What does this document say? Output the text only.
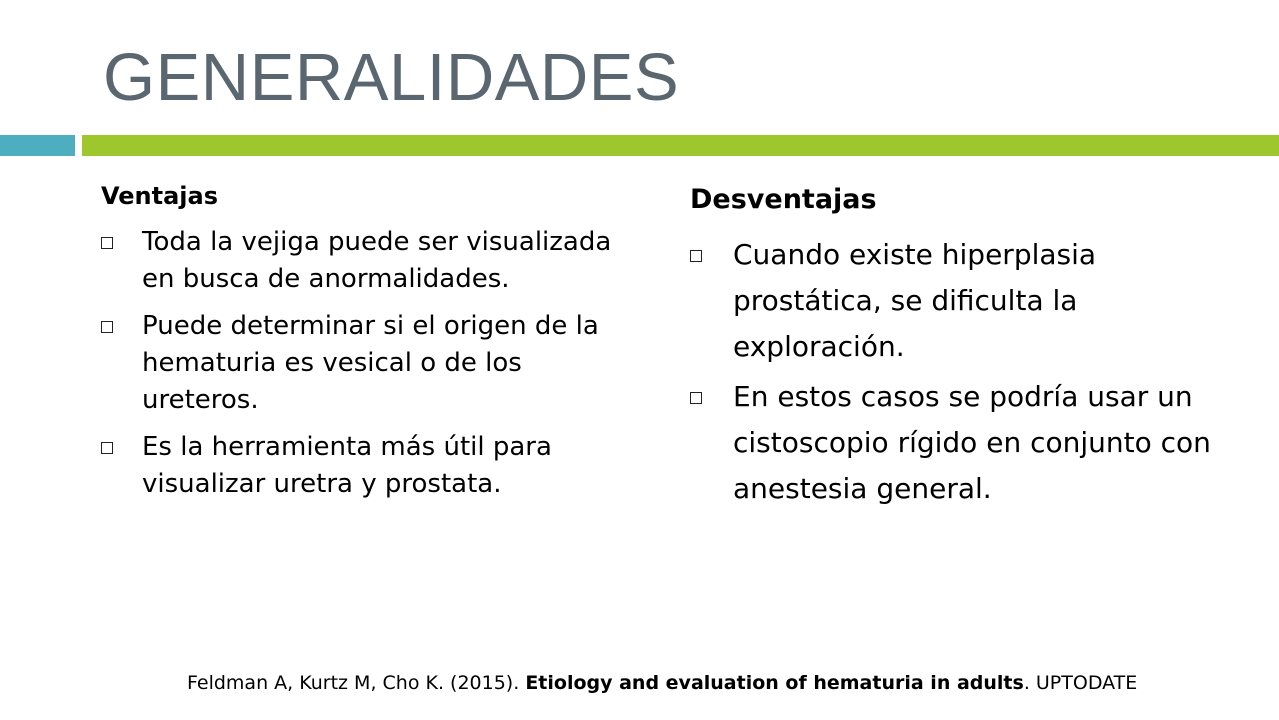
GENERALIDADES
Ventajas
Toda la vejiga puede ser visualizada en busca de anormalidades.
Puede determinar si el origen de la hematuria es vesical o de los ureteros.
Es la herramienta más útil para visualizar uretra y prostata.
Desventajas
Cuando existe hiperplasia prostática, se dificulta la exploración.
En estos casos se podría usar un cistoscopio rígido en conjunto con anestesia general.
Feldman A, Kurtz M, Cho K. (2015). Etiology and evaluation of hematuria in adults. UPTODATE
